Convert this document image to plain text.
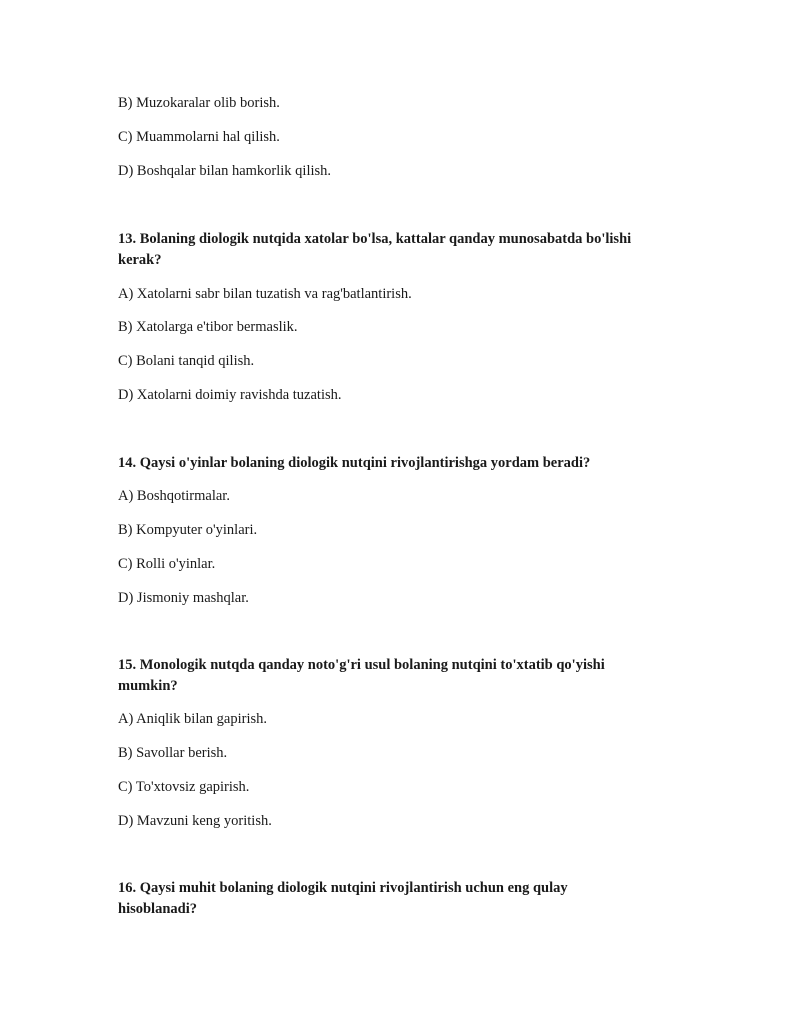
B) Muzokaralar olib borish.
C) Muammolarni hal qilish.
D) Boshqalar bilan hamkorlik qilish.
13. Bolaning diologik nutqida xatolar bo'lsa, kattalar qanday munosabatda bo'lishi
kerak?
A) Xatolarni sabr bilan tuzatish va rag'batlantirish.
B) Xatolarga e'tibor bermaslik.
C) Bolani tanqid qilish.
D) Xatolarni doimiy ravishda tuzatish.
14. Qaysi o'yinlar bolaning diologik nutqini rivojlantirishga yordam beradi?
A) Boshqotirmalar.
B) Kompyuter o'yinlari.
C) Rolli o'yinlar.
D) Jismoniy mashqlar.
15. Monologik nutqda qanday noto'g'ri usul bolaning nutqini to'xtatib qo'yishi
mumkin?
A) Aniqlik bilan gapirish.
B) Savollar berish.
C) To'xtovsiz gapirish.
D) Mavzuni keng yoritish.
16. Qaysi muhit bolaning diologik nutqini rivojlantirish uchun eng qulay
hisoblanadi?
